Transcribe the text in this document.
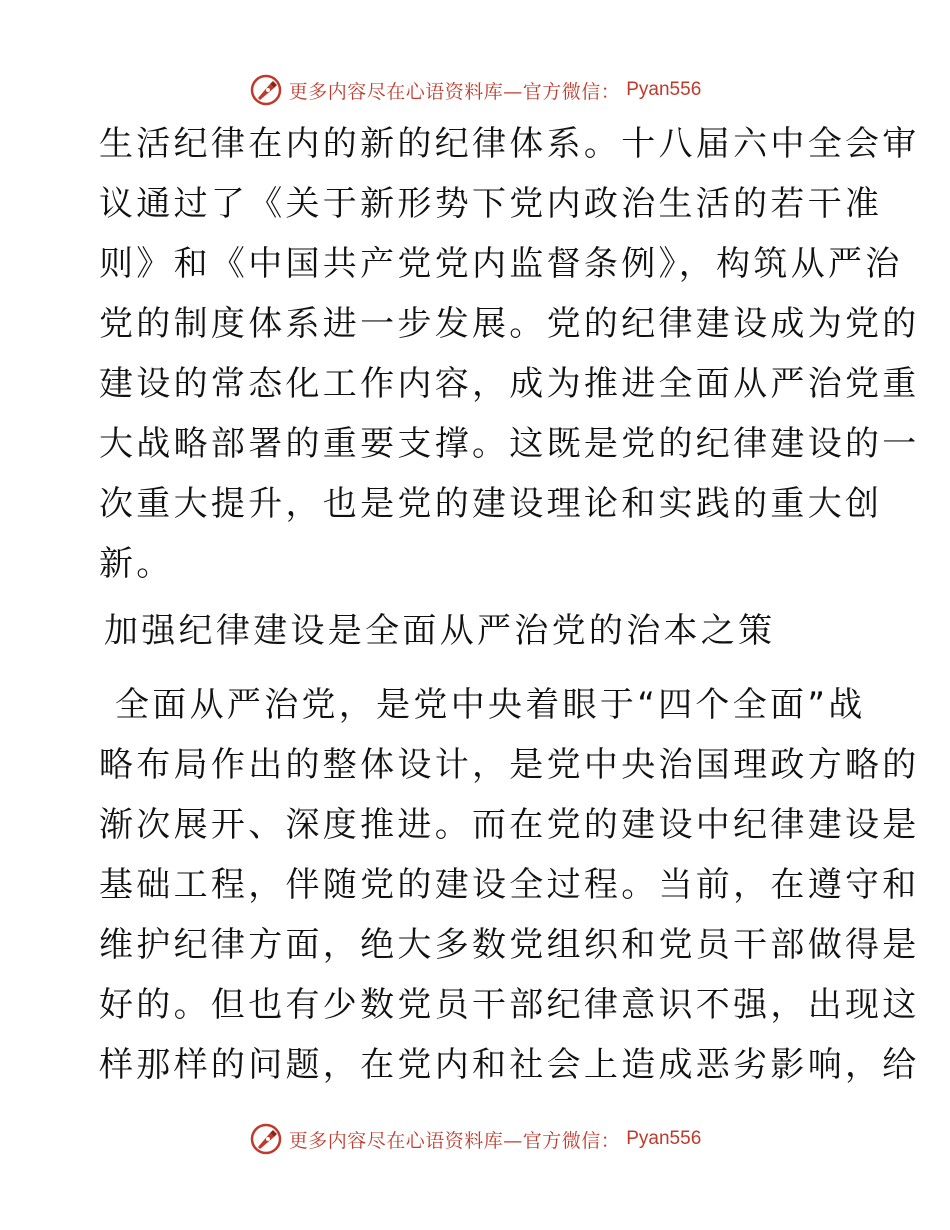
更多内容尽在心语资料库—官方微信： Pyan556
生活纪律在内的新的纪律体系。十八届六中全会审
议通过了《关于新形势下党内政治生活的若干准
则》和《中国共产党党内监督条例》，构筑从严治
党的制度体系进一步发展。党的纪律建设成为党的
建设的常态化工作内容，成为推进全面从严治党重
大战略部署的重要支撑。这既是党的纪律建设的一
次重大提升，也是党的建设理论和实践的重大创
新。
加强纪律建设是全面从严治党的治本之策
全面从严治党，是党中央着眼于“四个全面”战
略布局作出的整体设计，是党中央治国理政方略的
渐次展开、深度推进。而在党的建设中纪律建设是
基础工程，伴随党的建设全过程。当前，在遵守和
维护纪律方面，绝大多数党组织和党员干部做得是
好的。但也有少数党员干部纪律意识不强，出现这
样那样的问题，在党内和社会上造成恶劣影响，给
更多内容尽在心语资料库—官方微信： Pyan556
